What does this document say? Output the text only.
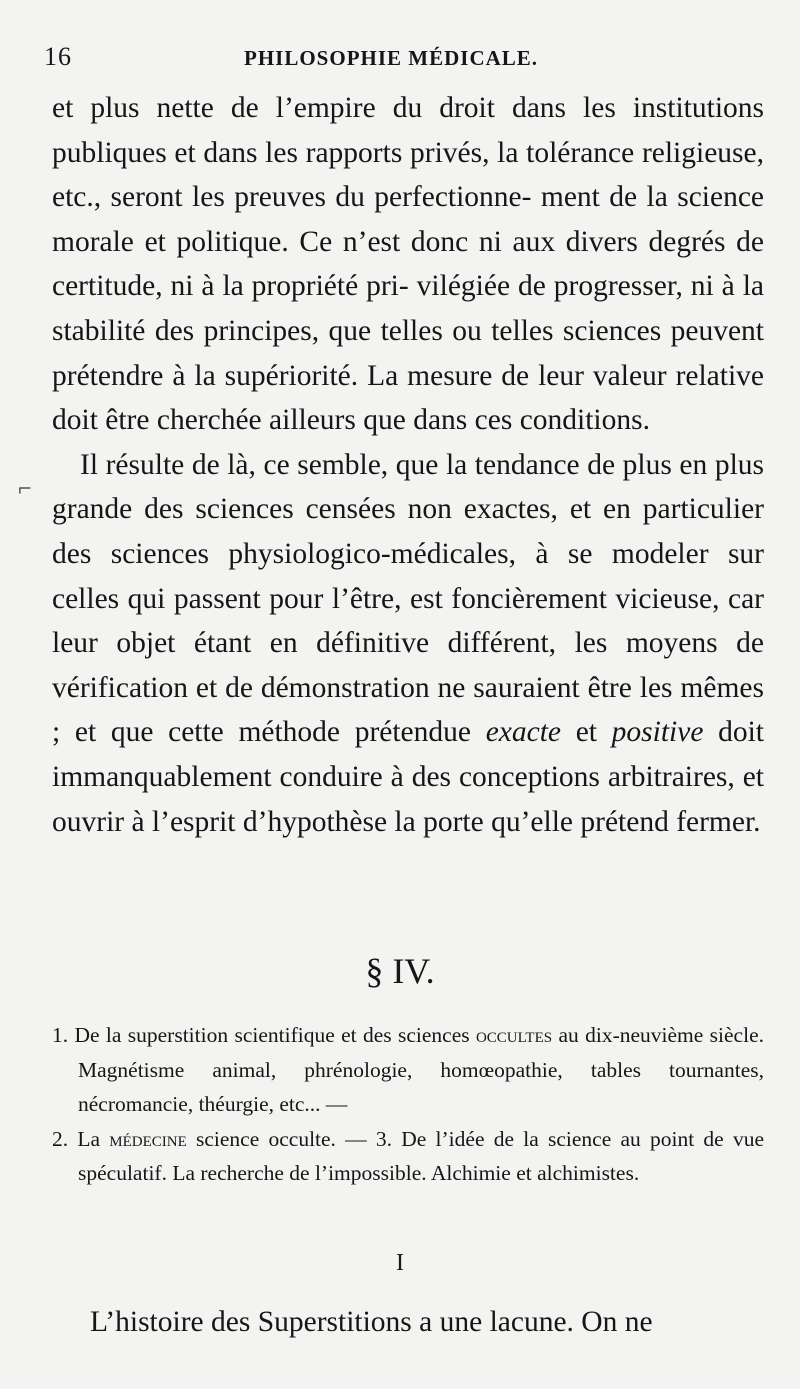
16	PHILOSOPHIE MÉDICALE.
⌐

et plus nette de l’empire du droit dans les institutions publiques et dans les rapports privés, la tolérance religieuse, etc., seront les preuves du perfectionne- ment de la science morale et politique. Ce n’est donc ni aux divers degrés de certitude, ni à la propriété pri- vilégiée de progresser, ni à la stabilité des principes, que telles ou telles sciences peuvent prétendre à la supériorité. La mesure de leur valeur relative doit être cherchée ailleurs que dans ces conditions.

Il résulte de là, ce semble, que la tendance de plus en plus grande des sciences censées non exactes, et en particulier des sciences physiologico-médicales, à se modeler sur celles qui passent pour l’être, est foncièrement vicieuse, car leur objet étant en définitive différent, les moyens de vérification et de démonstration ne sauraient être les mêmes ; et que cette méthode prétendue exacte et positive doit immanquablement conduire à des conceptions arbitraires, et ouvrir à l’esprit d’hypothèse la porte qu’elle prétend fermer.

§ IV.

1. De la superstition scientifique et des sciences occultes au dix-neuvième siècle. Magnétisme animal, phrénologie, homœopathie, tables tournantes, nécromancie, théurgie, etc... —

2. La médecine science occulte. — 3. De l’idée de la science au point de vue spéculatif. La recherche de l’impossible. Alchimie et alchimistes.

I
L’histoire des Superstitions a une lacune. On ne
